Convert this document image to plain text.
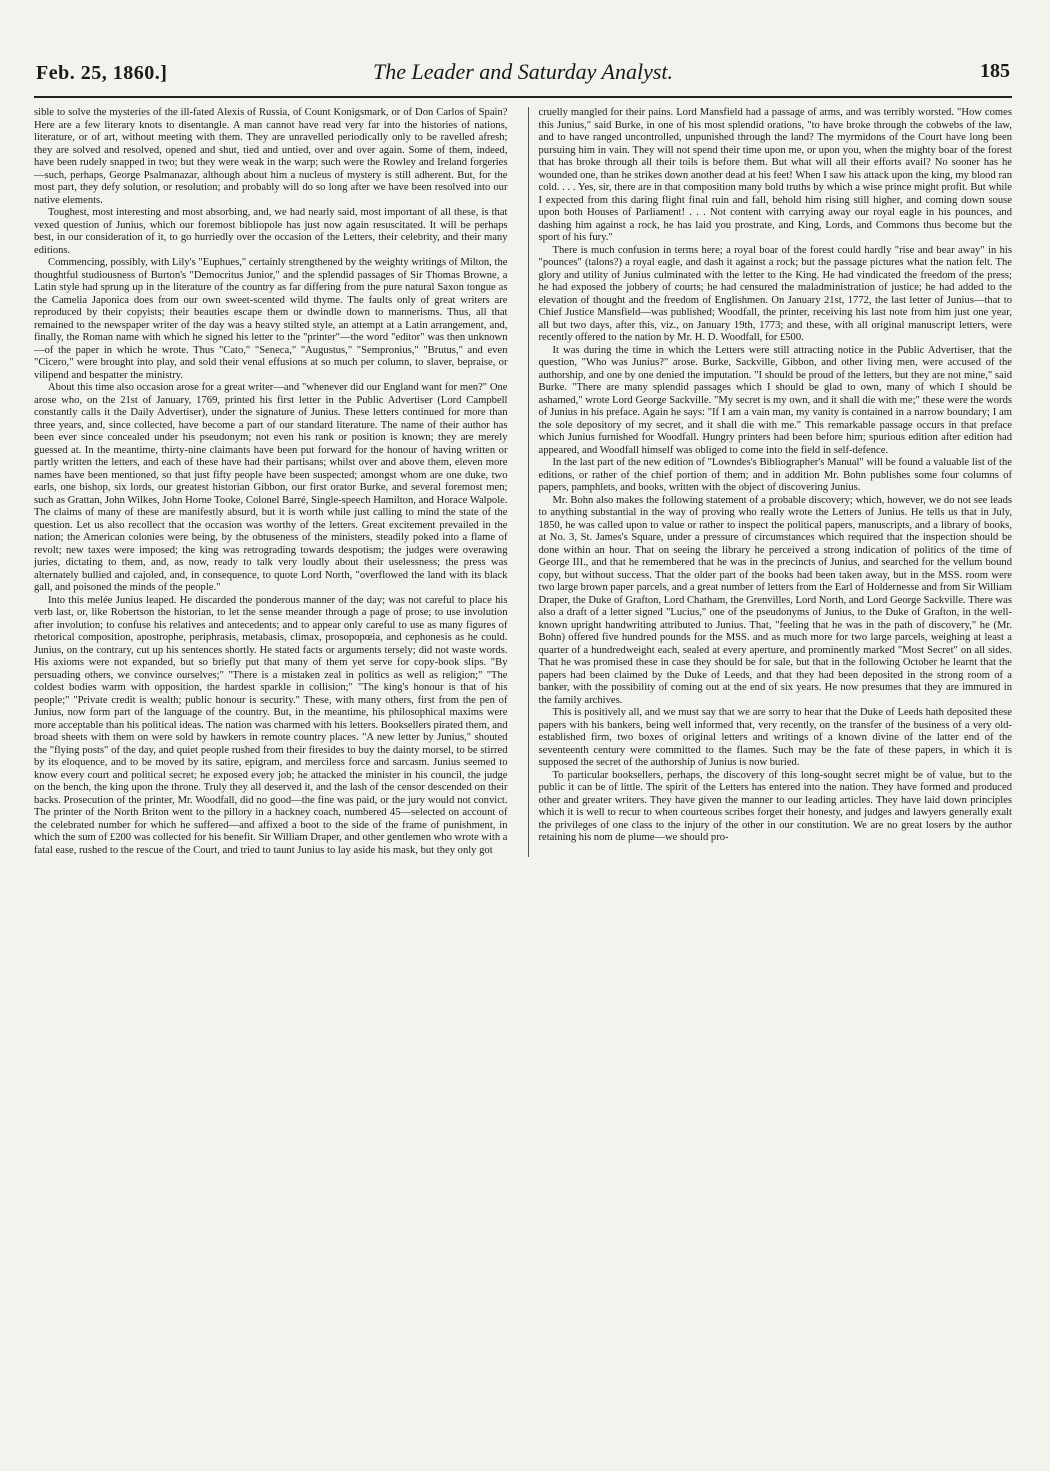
Feb. 25, 1860.]	The Leader and Saturday Analyst.	185

sible to solve the mysteries of the ill-fated Alexis of Russia, of Count Konigsmark, or of Don Carlos of Spain? Here are a few literary knots to disentangle. A man cannot have read very far into the histories of nations, literature, or of art, without meeting with them. They are unravelled periodically only to be ravelled afresh; they are solved and resolved, opened and shut, tied and untied, over and over again. Some of them, indeed, have been rudely snapped in two; but they were weak in the warp; such were the Rowley and Ireland forgeries—such, perhaps, George Psalmanazar, although about him a nucleus of mystery is still adherent. But, for the most part, they defy solution, or resolution; and probably will do so long after we have been resolved into our native elements.

Toughest, most interesting and most absorbing, and, we had nearly said, most important of all these, is that vexed question of Junius, which our foremost bibliopole has just now again resuscitated. It will be perhaps best, in our consideration of it, to go hurriedly over the occasion of the Letters, their celebrity, and their many editions.

Commencing, possibly, with Lily's "Euphues," certainly strengthened by the weighty writings of Milton, the thoughtful studiousness of Burton's "Democritus Junior," and the splendid passages of Sir Thomas Browne, a Latin style had sprung up in the literature of the country as far differing from the pure natural Saxon tongue as the Camelia Japonica does from our own sweet-scented wild thyme. The faults only of great writers are reproduced by their copyists; their beauties escape them or dwindle down to mannerisms. Thus, all that remained to the newspaper writer of the day was a heavy stilted style, an attempt at a Latin arrangement, and, finally, the Roman name with which he signed his letter to the "printer"—the word "editor" was then unknown—of the paper in which he wrote. Thus "Cato," "Seneca," "Augustus," "Sempronius," "Brutus," and even "Cicero," were brought into play, and sold their venal effusions at so much per column, to slaver, bepraise, or vilipend and bespatter the ministry.

About this time also occasion arose for a great writer—and "whenever did our England want for men?" One arose who, on the 21st of January, 1769, printed his first letter in the Public Advertiser (Lord Campbell constantly calls it the Daily Advertiser), under the signature of Junius. These letters continued for more than three years, and, since collected, have become a part of our standard literature. The name of their author has been ever since concealed under his pseudonym; not even his rank or position is known; they are merely guessed at. In the meantime, thirty-nine claimants have been put forward for the honour of having written or partly written the letters, and each of these have had their partisans; whilst over and above them, eleven more names have been mentioned, so that just fifty people have been suspected; amongst whom are one duke, two earls, one bishop, six lords, our greatest historian Gibbon, our first orator Burke, and several foremost men; such as Grattan, John Wilkes, John Horne Tooke, Colonel Barré, Single-speech Hamilton, and Horace Walpole. The claims of many of these are manifestly absurd, but it is worth while just calling to mind the state of the question. Let us also recollect that the occasion was worthy of the letters. Great excitement prevailed in the nation; the American colonies were being, by the obtuseness of the ministers, steadily poked into a flame of revolt; new taxes were imposed; the king was retrograding towards despotism; the judges were overawing juries, dictating to them, and, as now, ready to talk very loudly about their uselessness; the press was alternately bullied and cajoled, and, in consequence, to quote Lord North, "overflowed the land with its black gall, and poisoned the minds of the people."

Into this melée Junius leaped. He discarded the ponderous manner of the day; was not careful to place his verb last, or, like Robertson the historian, to let the sense meander through a page of prose; to use involution after involution; to confuse his relatives and antecedents; and to appear only careful to use as many figures of rhetorical composition, apostrophe, periphrasis, metabasis, climax, prosopopœia, and cephonesis as he could. Junius, on the contrary, cut up his sentences shortly. He stated facts or arguments tersely; did not waste words. His axioms were not expanded, but so briefly put that many of them yet serve for copy-book slips. "By persuading others, we convince ourselves;" "There is a mistaken zeal in politics as well as religion;" "The coldest bodies warm with opposition, the hardest sparkle in collision;" "The king's honour is that of his people;" "Private credit is wealth; public honour is security." These, with many others, first from the pen of Junius, now form part of the language of the country. But, in the meantime, his philosophical maxims were more acceptable than his political ideas. The nation was charmed with his letters. Booksellers pirated them, and broad sheets with them on were sold by hawkers in remote country places. "A new letter by Junius," shouted the "flying posts" of the day, and quiet people rushed from their firesides to buy the dainty morsel, to be stirred by its eloquence, and to be moved by its satire, epigram, and merciless force and sarcasm. Junius seemed to know every court and political secret; he exposed every job; he attacked the minister in his council, the judge on the bench, the king upon the throne. Truly they all deserved it, and the lash of the censor descended on their backs. Prosecution of the printer, Mr. Woodfall, did no good—the fine was paid, or the jury would not convict. The printer of the North Briton went to the pillory in a hackney coach, numbered 45—selected on account of the celebrated number for which he suffered—and affixed a boot to the side of the frame of punishment, in which the sum of £200 was collected for his benefit. Sir William Draper, and other gentlemen who wrote with a fatal ease, rushed to the rescue of the Court, and tried to taunt Junius to lay aside his mask, but they only got

cruelly mangled for their pains. Lord Mansfield had a passage of arms, and was terribly worsted. "How comes this Junius," said Burke, in one of his most splendid orations, "to have broke through the cobwebs of the law, and to have ranged uncontrolled, unpunished through the land? The myrmidons of the Court have long been pursuing him in vain. They will not spend their time upon me, or upon you, when the mighty boar of the forest that has broke through all their toils is before them. But what will all their efforts avail? No sooner has he wounded one, than he strikes down another dead at his feet! When I saw his attack upon the king, my blood ran cold. . . . Yes, sir, there are in that composition many bold truths by which a wise prince might profit. But while I expected from this daring flight final ruin and fall, behold him rising still higher, and coming down souse upon both Houses of Parliament! . . . Not content with carrying away our royal eagle in his pounces, and dashing him against a rock, he has laid you prostrate, and King, Lords, and Commons thus become but the sport of his fury."

There is much confusion in terms here; a royal boar of the forest could hardly "rise and bear away" in his "pounces" (talons?) a royal eagle, and dash it against a rock; but the passage pictures what the nation felt. The glory and utility of Junius culminated with the letter to the King. He had vindicated the freedom of the press; he had exposed the jobbery of courts; he had censured the maladministration of justice; he had added to the elevation of thought and the freedom of Englishmen. On January 21st, 1772, the last letter of Junius—that to Chief Justice Mansfield—was published; Woodfall, the printer, receiving his last note from him just one year, all but two days, after this, viz., on January 19th, 1773; and these, with all original manuscript letters, were recently offered to the nation by Mr. H. D. Woodfall, for £500.

It was during the time in which the Letters were still attracting notice in the Public Advertiser, that the question, "Who was Junius?" arose. Burke, Sackville, Gibbon, and other living men, were accused of the authorship, and one by one denied the imputation. "I should be proud of the letters, but they are not mine," said Burke. "There are many splendid passages which I should be glad to own, many of which I should be ashamed," wrote Lord George Sackville. "My secret is my own, and it shall die with me;" these were the words of Junius in his preface. Again he says: "If I am a vain man, my vanity is contained in a narrow boundary; I am the sole depository of my secret, and it shall die with me." This remarkable passage occurs in that preface which Junius furnished for Woodfall. Hungry printers had been before him; spurious edition after edition had appeared, and Woodfall himself was obliged to come into the field in self-defence.

In the last part of the new edition of "Lowndes's Bibliographer's Manual" will be found a valuable list of the editions, or rather of the chief portion of them; and in addition Mr. Bohn publishes some four columns of papers, pamphlets, and books, written with the object of discovering Junius.

Mr. Bohn also makes the following statement of a probable discovery; which, however, we do not see leads to anything substantial in the way of proving who really wrote the Letters of Junius. He tells us that in July, 1850, he was called upon to value or rather to inspect the political papers, manuscripts, and a library of books, at No. 3, St. James's Square, under a pressure of circumstances which required that the inspection should be done within an hour. That on seeing the library he perceived a strong indication of politics of the time of George III., and that he remembered that he was in the precincts of Junius, and searched for the vellum bound copy, but without success. That the older part of the books had been taken away, but in the MSS. room were two large brown paper parcels, and a great number of letters from the Earl of Holdernesse and from Sir William Draper, the Duke of Grafton, Lord Chatham, the Grenvilles, Lord North, and Lord George Sackville. There was also a draft of a letter signed "Lucius," one of the pseudonyms of Junius, to the Duke of Grafton, in the well-known upright handwriting attributed to Junius. That, "feeling that he was in the path of discovery," he (Mr. Bohn) offered five hundred pounds for the MSS. and as much more for two large parcels, weighing at least a quarter of a hundredweight each, sealed at every aperture, and prominently marked "Most Secret" on all sides. That he was promised these in case they should be for sale, but that in the following October he learnt that the papers had been claimed by the Duke of Leeds, and that they had been deposited in the strong room of a banker, with the possibility of coming out at the end of six years. He now presumes that they are immured in the family archives.

This is positively all, and we must say that we are sorry to hear that the Duke of Leeds hath deposited these papers with his bankers, being well informed that, very recently, on the transfer of the business of a very old-established firm, two boxes of original letters and writings of a known divine of the latter end of the seventeenth century were committed to the flames. Such may be the fate of these papers, in which it is supposed the secret of the authorship of Junius is now buried.

To particular booksellers, perhaps, the discovery of this long-sought secret might be of value, but to the public it can be of little. The spirit of the Letters has entered into the nation. They have formed and produced other and greater writers. They have given the manner to our leading articles. They have laid down principles which it is well to recur to when courteous scribes forget their honesty, and judges and lawyers generally exalt the privileges of one class to the injury of the other in our constitution. We are no great losers by the author retaining his nom de plume—we should pro-
